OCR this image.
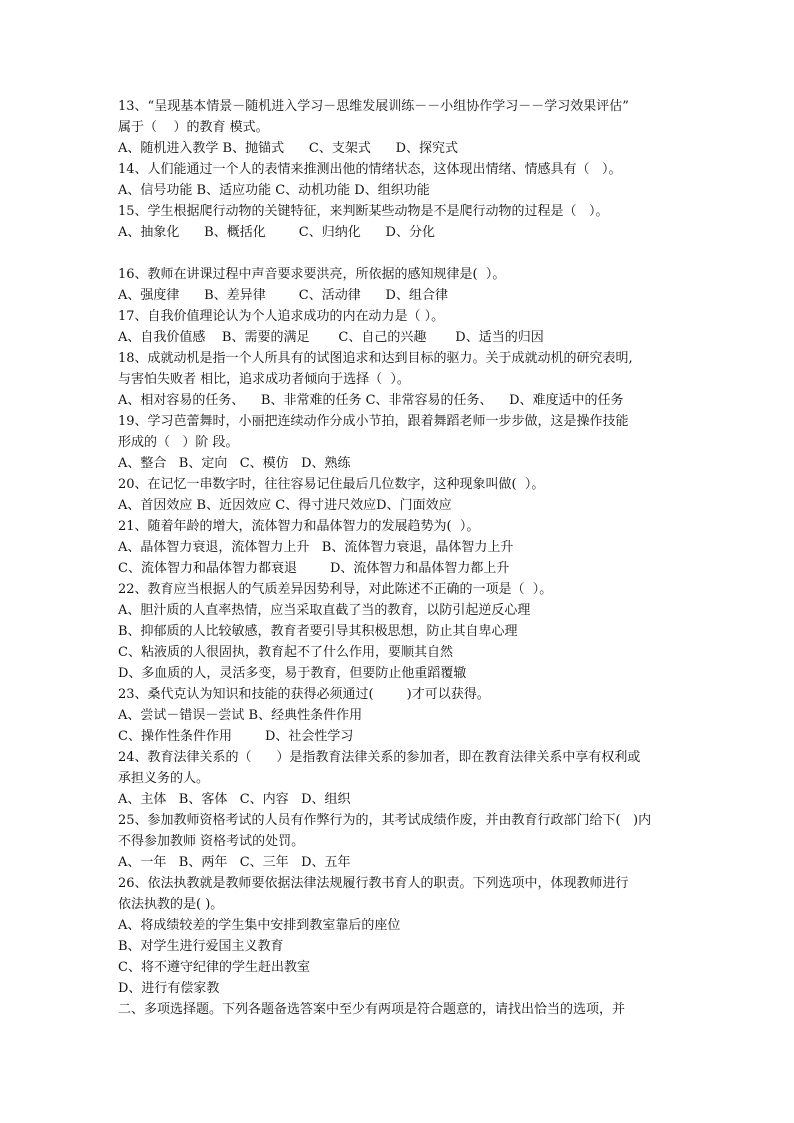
13、“呈现基本情景－随机进入学习－思维发展训练－－小组协作学习－－学习效果评估”
属于（    ）的教育 模式。
A、随机进入教学 B、抛锚式      C、支架式      D、探究式
14、人们能通过一个人的表情来推测出他的情绪状态，这体现出情绪、情感具有（   ）。
A、信号功能 B、适应功能 C、动机功能 D、组织功能
15、学生根据爬行动物的关键特征，来判断某些动物是不是爬行动物的过程是（   ）。
A、抽象化      B、概括化        C、归纳化      D、分化
16、教师在讲课过程中声音要求要洪亮，所依据的感知规律是(  ）。
A、强度律      B、差异律        C、活动律      D、组合律
17、自我价值理论认为个人追求成功的内在动力是（ ）。
A、自我价值感    B、需要的满足       C、自己的兴趣       D、适当的归因
18、成就动机是指一个人所具有的试图追求和达到目标的驱力。关于成就动机的研究表明,
与害怕失败者 相比，追求成功者倾向于选择（  ）。
A、相对容易的任务、    B、非常难的任务 C、非常容易的任务、    D、难度适中的任务
19、学习芭蕾舞时，小丽把连续动作分成小节拍，跟着舞蹈老师一步步做，这是操作技能
形成的（   ）阶 段。
A、整合   B、定向   C、模仿   D、熟练
20、在记忆一串数字时，往往容易记住最后几位数字，这种现象叫做(  ）。
A、首因效应 B、近因效应 C、得寸进尺效应D、门面效应
21、随着年龄的增大，流体智力和晶体智力的发展趋势为(  ）。
A、晶体智力衰退，流体智力上升   B、流体智力衰退，晶体智力上升
C、流体智力和晶体智力都衰退        D、流体智力和晶体智力都上升
22、教育应当根据人的气质差异因势利导，对此陈述不正确的一项是（  ）。
A、胆汁质的人直率热情，应当采取直截了当的教育，以防引起逆反心理
B、抑郁质的人比较敏感，教育者要引导其积极思想，防止其自卑心理
C、粘液质的人很固执，教育起不了什么作用，要顺其自然
D、多血质的人，灵活多变，易于教育，但要防止他重蹈覆辙
23、桑代克认为知识和技能的获得必须通过(        )才可以获得。
A、尝试－错误－尝试 B、经典性条件作用
C、操作性条件作用        D、社会性学习
24、教育法律关系的（      ）是指教育法律关系的参加者，即在教育法律关系中享有权利或
承担义务的人。
A、主体   B、客体   C、内容   D、组织
25、参加教师资格考试的人员有作弊行为的，其考试成绩作废，并由教育行政部门给下(   )内
不得参加教师 资格考试的处罚。
A、一年   B、两年   C、三年   D、五年
26、依法执教就是教师要依据法律法规履行教书育人的职责。下列选项中，体现教师进行
依法执教的是( )。
A、将成绩较差的学生集中安排到教室靠后的座位
B、对学生进行爱国主义教育
C、将不遵守纪律的学生赶出教室
D、进行有偿家教
二、多项选择题。下列各题备选答案中至少有两项是符合题意的，请找出恰当的选项，并
